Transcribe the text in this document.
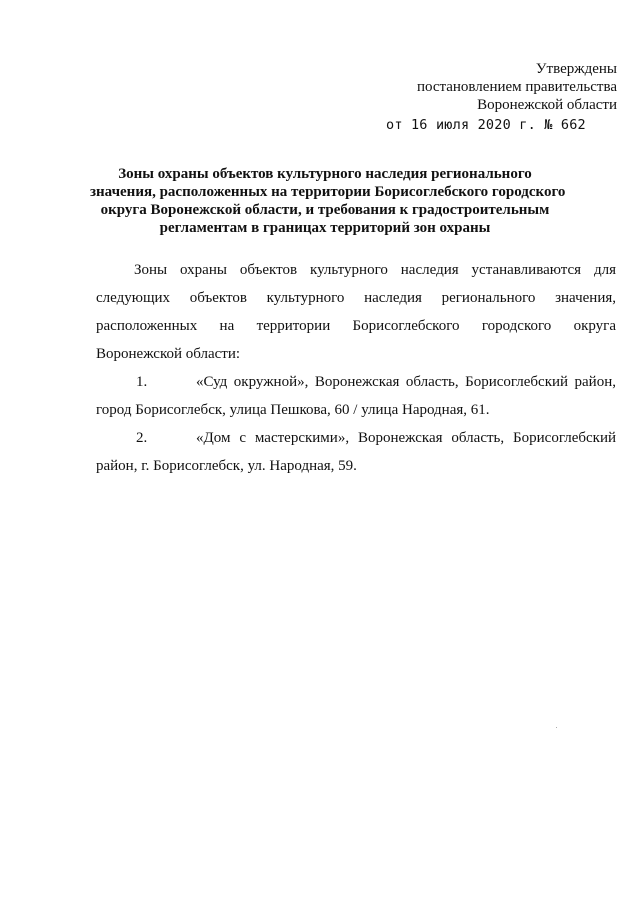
Утверждены
постановлением правительства
Воронежской области
от 16 июля 2020 г. № 662
Зоны охраны объектов культурного наследия регионального
значения, расположенных на территории Борисоглебского городского
округа Воронежской области, и требования к градостроительным
регламентам в границах территорий зон охраны
Зоны охраны объектов культурного наследия устанавливаются для
следующих объектов культурного наследия регионального значения,
расположенных на территории Борисоглебского городского округа
Воронежской области:
1.	«Суд окружной», Воронежская область, Борисоглебский район,
город Борисоглебск, улица Пешкова, 60 / улица Народная, 61.
2.	«Дом с мастерскими», Воронежская область, Борисоглебский
район, г. Борисоглебск, ул. Народная, 59.
